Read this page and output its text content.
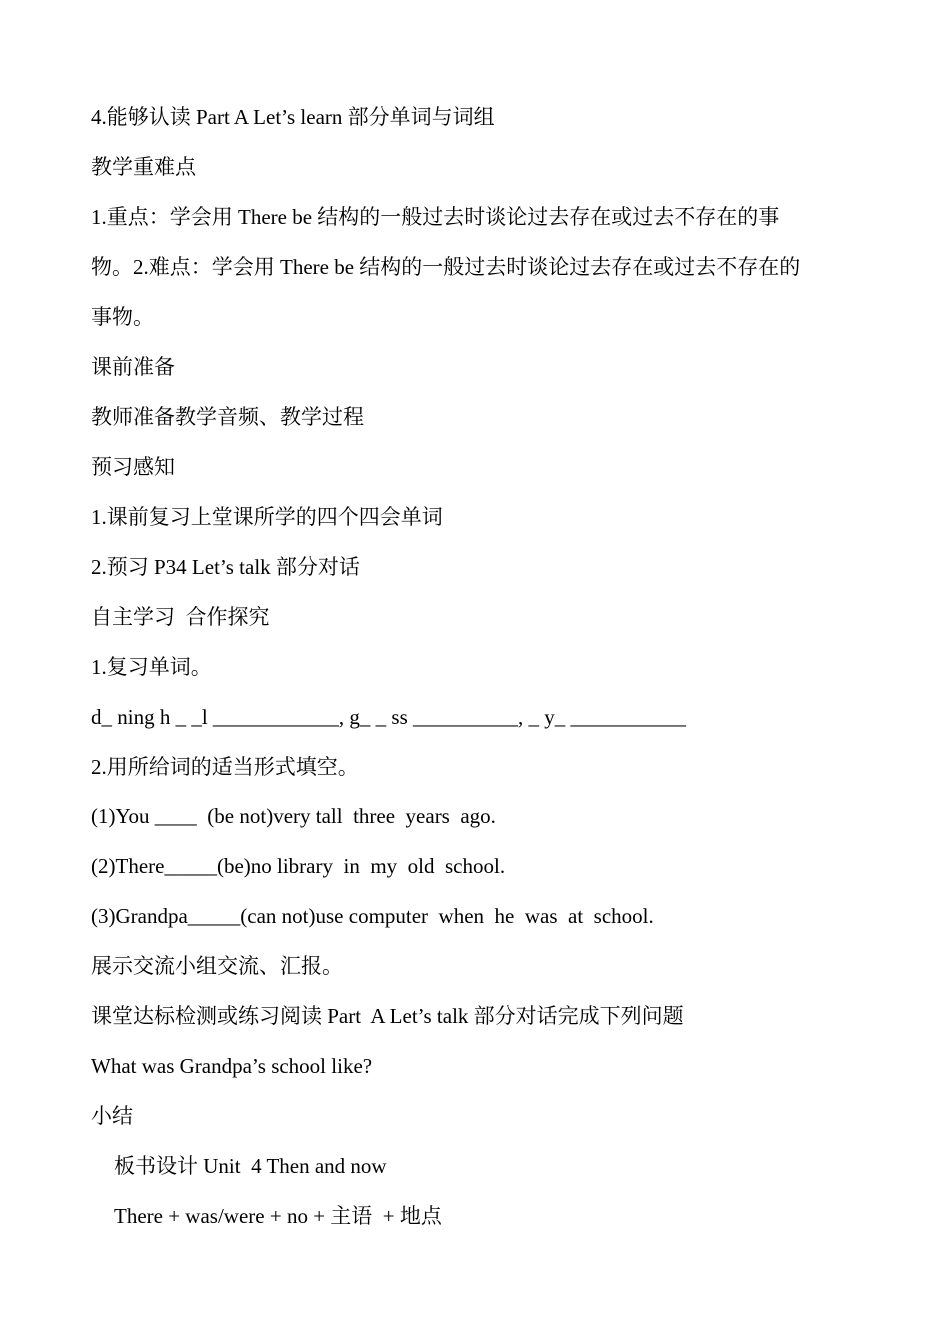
4.能够认读 Part A Let’s learn 部分单词与词组
教学重难点
1.重点：学会用 There be 结构的一般过去时谈论过去存在或过去不存在的事
物。2.难点：学会用 There be 结构的一般过去时谈论过去存在或过去不存在的
事物。
课前准备
教师准备教学音频、教学过程
预习感知
1.课前复习上堂课所学的四个四会单词
2.预习 P34 Let’s talk 部分对话
自主学习  合作探究
1.复习单词。
d_ ning h _ _l ____________, g_ _ ss __________, _ y_ ___________
2.用所给词的适当形式填空。
(1)You ____  (be not)very tall  three  years  ago.
(2)There_____(be)no library  in  my  old  school.
(3)Grandpa_____(can not)use computer  when  he  was  at  school.
展示交流小组交流、汇报。
课堂达标检测或练习阅读 Part  A Let’s talk 部分对话完成下列问题
What was Grandpa’s school like?
小结
板书设计 Unit  4 Then and now
There + was/were + no + 主语  + 地点
